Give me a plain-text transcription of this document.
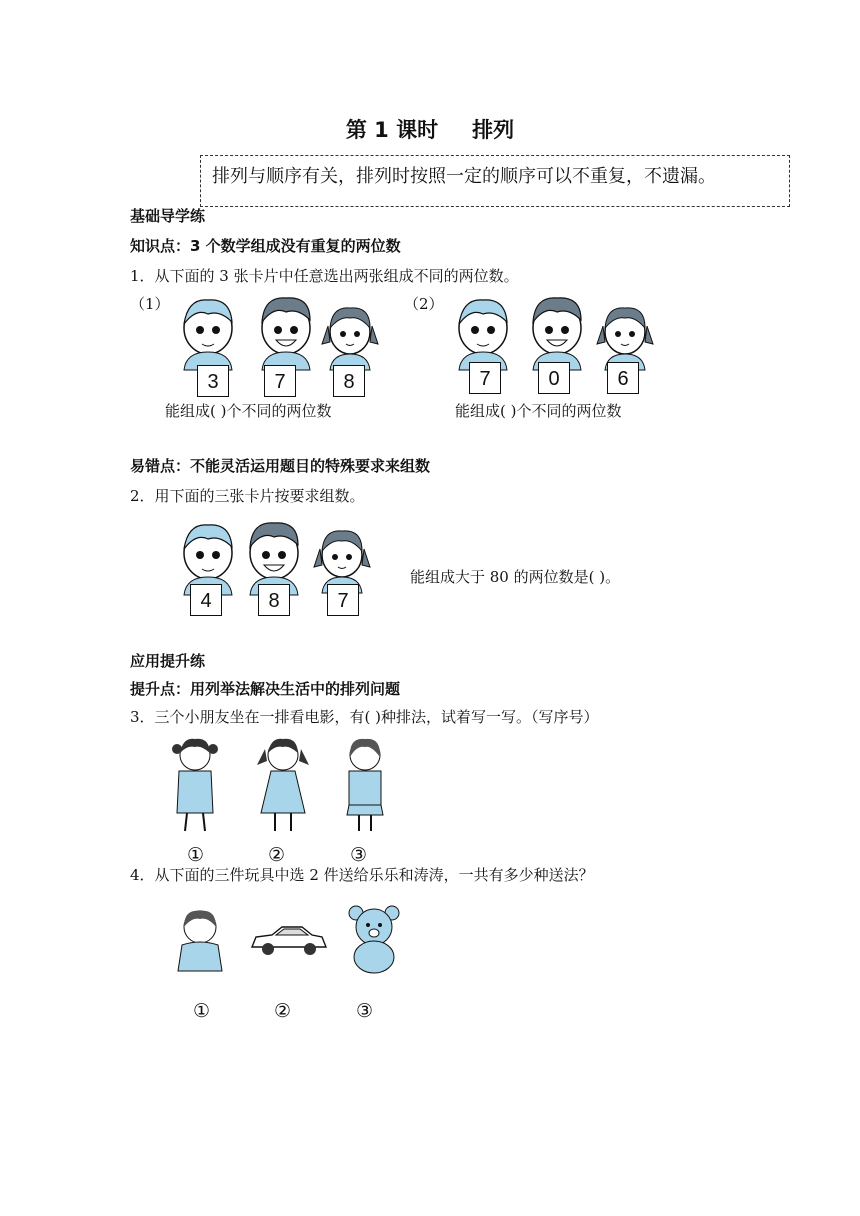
第 1 课时 排列
排列与顺序有关，排列时按照一定的顺序可以不重复，不遗漏。
基础导学练
知识点：3 个数学组成没有重复的两位数
1．从下面的 3 张卡片中任意选出两张组成不同的两位数。
（1）	（2）
3	7	8
能组成( )个不同的两位数
7	0	6
能组成( )个不同的两位数
易错点：不能灵活运用题目的特殊要求来组数
2．用下面的三张卡片按要求组数。
4	8	7
能组成大于 80 的两位数是( )。
应用提升练
提升点：用列举法解决生活中的排列问题
3．三个小朋友坐在一排看电影，有( )种排法，试着写一写。（写序号）
①	②	③
4．从下面的三件玩具中选 2 件送给乐乐和涛涛，一共有多少种送法？
①	②	③
